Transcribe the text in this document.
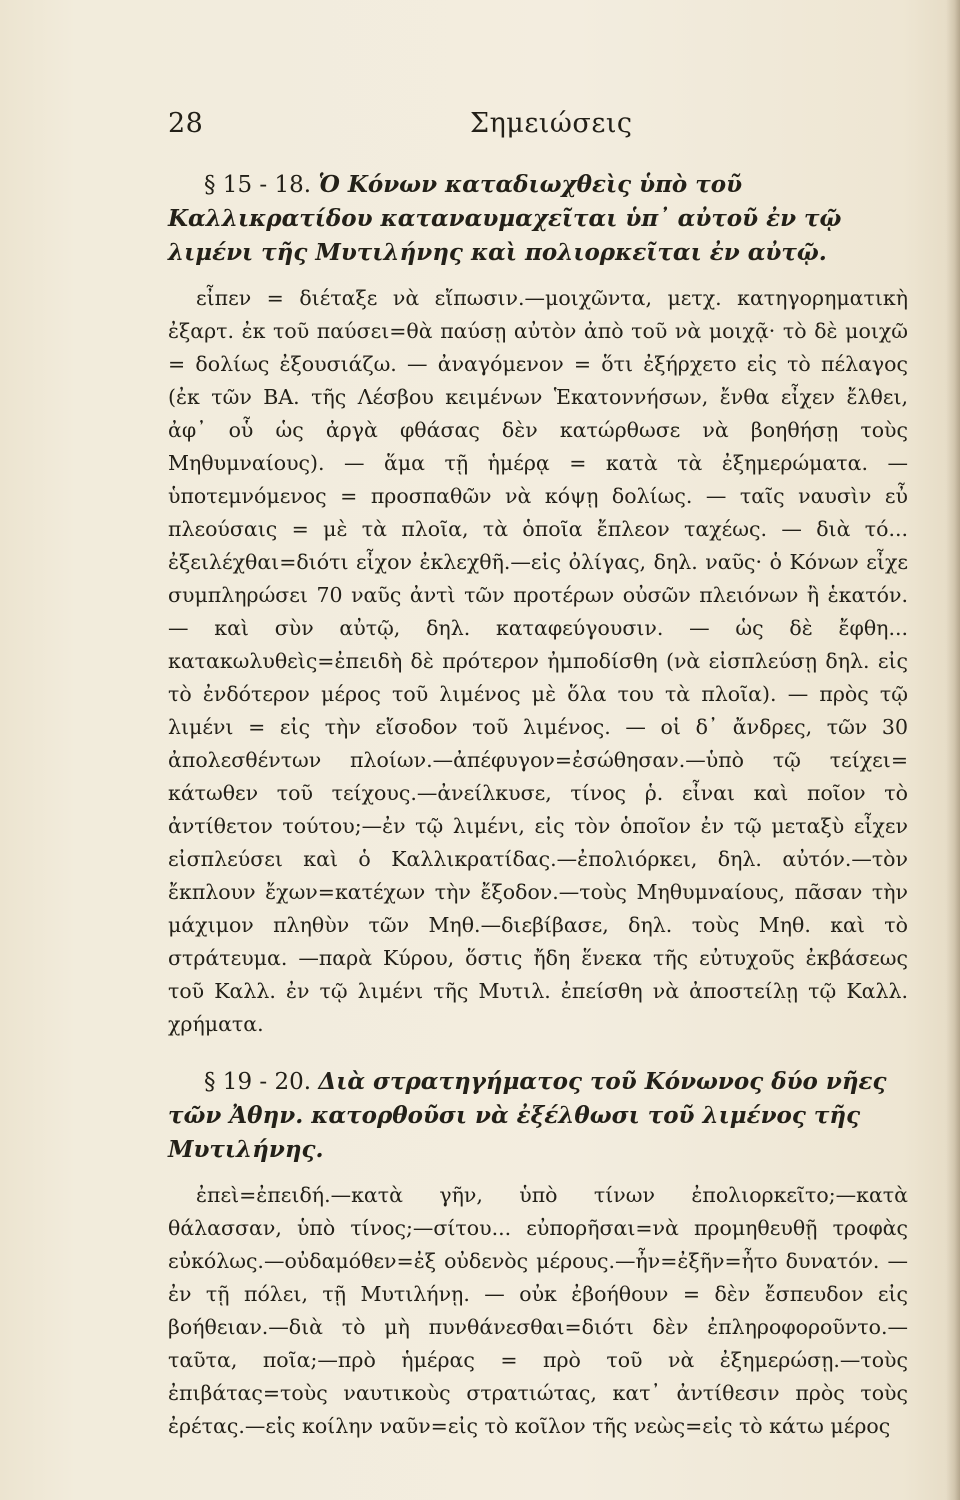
28	Σημειώσεις

§ 15 - 18. Ὁ Κόνων καταδιωχθεὶς ὑπὸ τοῦ Καλλικρατίδου καταναυμαχεῖται ὑπ᾽ αὐτοῦ ἐν τῷ λιμένι τῆς Μυτιλήνης καὶ πολιορκεῖται ἐν αὐτῷ.

εἶπεν = διέταξε νὰ εἴπωσιν.—μοιχῶντα, μετχ. κατηγορηματικὴ ἐξαρτ. ἐκ τοῦ παύσει=θὰ παύσῃ αὐτὸν ἀπὸ τοῦ νὰ μοιχᾷ· τὸ δὲ μοιχῶ = δολίως ἐξουσιάζω. — ἀναγόμενον = ὅτι ἐξήρχετο εἰς τὸ πέλαγος (ἐκ τῶν ΒΑ. τῆς Λέσβου κειμένων Ἑκατοννήσων, ἔνθα εἶχεν ἔλθει, ἀφ᾽ οὗ ὡς ἀργὰ φθάσας δὲν κατώρθωσε νὰ βοηθήσῃ τοὺς Μηθυμναίους). — ἅμα τῇ ἡμέρᾳ = κατὰ τὰ ἐξημερώματα. — ὑποτεμνόμενος = προσπαθῶν νὰ κόψῃ δολίως. — ταῖς ναυσὶν εὖ πλεούσαις = μὲ τὰ πλοῖα, τὰ ὁποῖα ἔπλεον ταχέως. — διὰ τό... ἐξειλέχθαι=διότι εἶχον ἐκλεχθῆ.—εἰς ὀλίγας, δηλ. ναῦς· ὁ Κόνων εἶχε συμπληρώσει 70 ναῦς ἀντὶ τῶν προτέρων οὐσῶν πλειόνων ἢ ἑκατόν. — καὶ σὺν αὐτῷ, δηλ. καταφεύγουσιν. — ὡς δὲ ἔφθη... κατακωλυθεὶς=ἐπειδὴ δὲ πρότερον ἠμποδίσθη (νὰ εἰσπλεύσῃ δηλ. εἰς τὸ ἐνδότερον μέρος τοῦ λιμένος μὲ ὅλα του τὰ πλοῖα). — πρὸς τῷ λιμένι = εἰς τὴν εἴσοδον τοῦ λιμένος. — οἱ δ᾽ ἄνδρες, τῶν 30 ἀπολεσθέντων πλοίων.—ἀπέφυγον=ἐσώθησαν.—ὑπὸ τῷ τείχει= κάτωθεν τοῦ τείχους.—ἀνείλκυσε, τίνος ῥ. εἶναι καὶ ποῖον τὸ ἀντίθετον τούτου;—ἐν τῷ λιμένι, εἰς τὸν ὁποῖον ἐν τῷ μεταξὺ εἶχεν εἰσπλεύσει καὶ ὁ Καλλικρατίδας.—ἐπολιόρκει, δηλ. αὐτόν.—τὸν ἔκπλουν ἔχων=κατέχων τὴν ἔξοδον.—τοὺς Μηθυμναίους, πᾶσαν τὴν μάχιμον πληθὺν τῶν Μηθ.—διεβίβασε, δηλ. τοὺς Μηθ. καὶ τὸ στράτευμα. —παρὰ Κύρου, ὅστις ἤδη ἕνεκα τῆς εὐτυχοῦς ἐκβάσεως τοῦ Καλλ. ἐν τῷ λιμένι τῆς Μυτιλ. ἐπείσθη νὰ ἀποστείλῃ τῷ Καλλ. χρήματα.

§ 19 - 20. Διὰ στρατηγήματος τοῦ Κόνωνος δύο νῆες τῶν Ἀθην. κατορθοῦσι νὰ ἐξέλθωσι τοῦ λιμένος τῆς Μυτιλήνης.

ἐπεὶ=ἐπειδή.—κατὰ γῆν, ὑπὸ τίνων ἐπολιορκεῖτο;—κατὰ θάλασσαν, ὑπὸ τίνος;—σίτου... εὐπορῆσαι=νὰ προμηθευθῇ τροφὰς εὐκόλως.—οὐδαμόθεν=ἐξ οὐδενὸς μέρους.—ἦν=ἐξῆν=ἦτο δυνατόν. —ἐν τῇ πόλει, τῇ Μυτιλήνῃ. — οὐκ ἐβοήθουν = δὲν ἔσπευδον εἰς βοήθειαν.—διὰ τὸ μὴ πυνθάνεσθαι=διότι δὲν ἐπληροφοροῦντο.— ταῦτα, ποῖα;—πρὸ ἡμέρας = πρὸ τοῦ νὰ ἐξημερώσῃ.—τοὺς ἐπιβάτας=τοὺς ναυτικοὺς στρατιώτας, κατ᾽ ἀντίθεσιν πρὸς τοὺς ἐρέτας.—εἰς κοίλην ναῦν=εἰς τὸ κοῖλον τῆς νεὼς=εἰς τὸ κάτω μέρος
